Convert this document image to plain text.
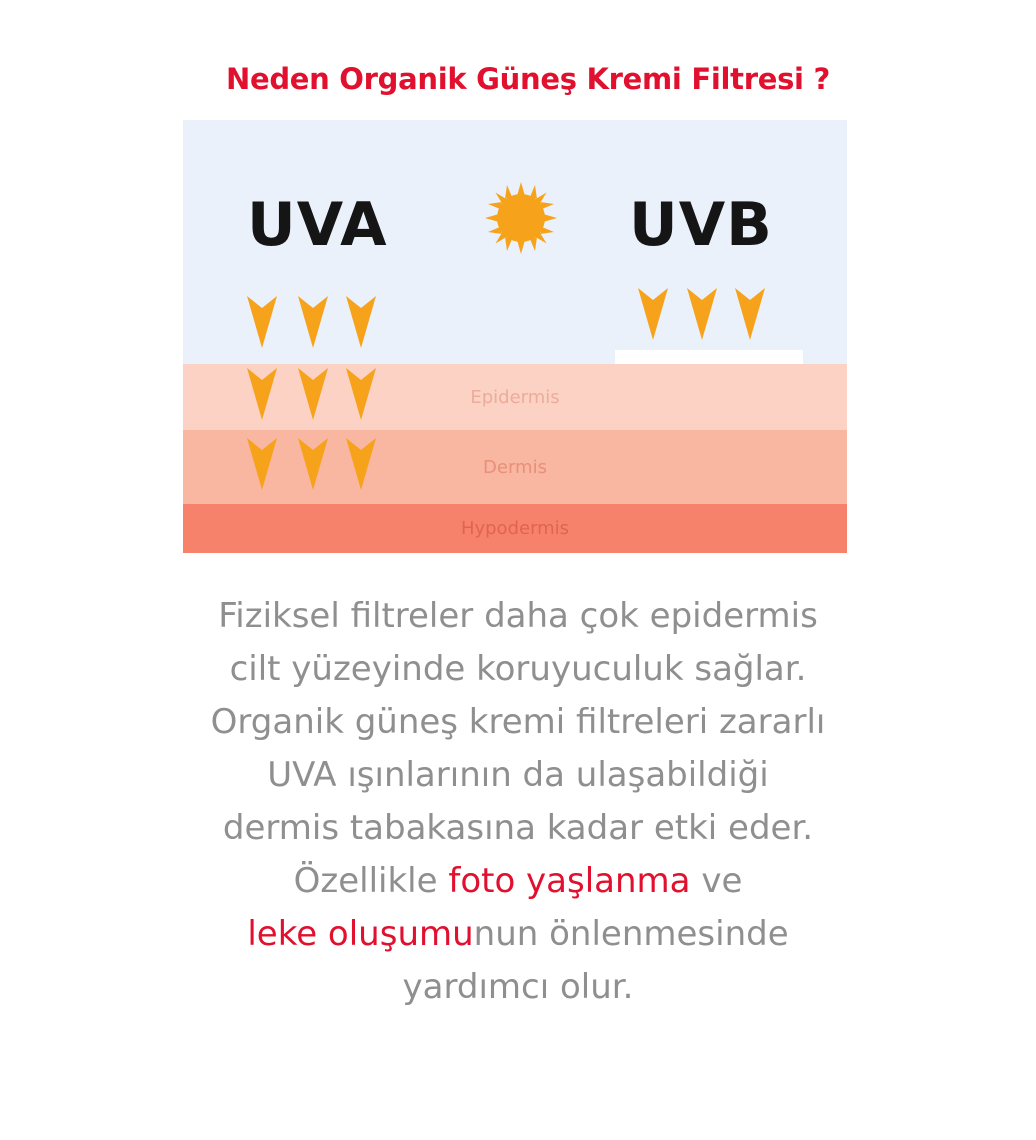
Neden Organik Güneş Kremi Filtresi ?
Epidermis
Dermis
Hypodermis
UVA	UVB
Fiziksel filtreler daha çok epidermis
cilt yüzeyinde koruyuculuk sağlar.
Organik güneş kremi filtreleri zararlı
UVA ışınlarının da ulaşabildiği
dermis tabakasına kadar etki eder.
Özellikle foto yaşlanma ve
leke oluşumunun önlenmesinde
yardımcı olur.
